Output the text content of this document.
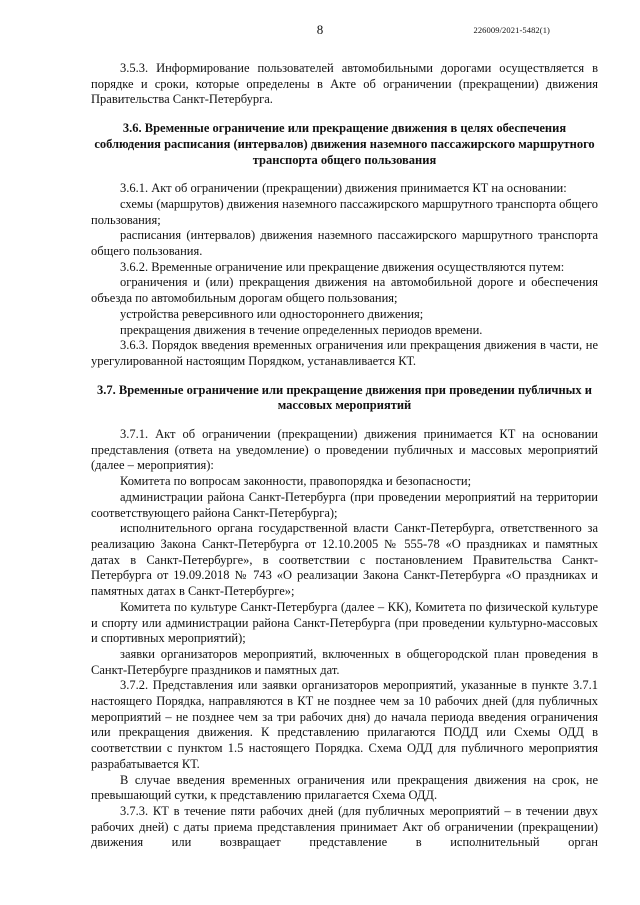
8	226009/2021-5482(1)

3.5.3. Информирование пользователей автомобильными дорогами осуществляется в порядке и сроки, которые определены в Акте об ограничении (прекращении) движения Правительства Санкт-Петербурга.

3.6. Временные ограничение или прекращение движения в целях обеспечения соблюдения расписания (интервалов) движения наземного пассажирского маршрутного транспорта общего пользования

3.6.1. Акт об ограничении (прекращении) движения принимается КТ на основании:

схемы (маршрутов) движения наземного пассажирского маршрутного транспорта общего пользования;

расписания (интервалов) движения наземного пассажирского маршрутного транспорта общего пользования.

3.6.2. Временные ограничение или прекращение движения осуществляются путем:

ограничения и (или) прекращения движения на автомобильной дороге и обеспечения объезда по автомобильным дорогам общего пользования;

устройства реверсивного или одностороннего движения;

прекращения движения в течение определенных периодов времени.

3.6.3. Порядок введения временных ограничения или прекращения движения в части, не урегулированной настоящим Порядком, устанавливается КТ.

3.7. Временные ограничение или прекращение движения при проведении публичных и массовых мероприятий

3.7.1. Акт об ограничении (прекращении) движения принимается КТ на основании представления (ответа на уведомление) о проведении публичных и массовых мероприятий (далее – мероприятия):

Комитета по вопросам законности, правопорядка и безопасности;

администрации района Санкт-Петербурга (при проведении мероприятий на территории соответствующего района Санкт-Петербурга);

исполнительного органа государственной власти Санкт-Петербурга, ответственного за реализацию Закона Санкт-Петербурга от 12.10.2005 № 555-78 «О праздниках и памятных датах в Санкт-Петербурге», в соответствии с постановлением Правительства Санкт-Петербурга от 19.09.2018 № 743 «О реализации Закона Санкт-Петербурга «О праздниках и памятных датах в Санкт-Петербурге»;

Комитета по культуре Санкт-Петербурга (далее – КК), Комитета по физической культуре и спорту или администрации района Санкт-Петербурга (при проведении культурно-массовых и спортивных мероприятий);

заявки организаторов мероприятий, включенных в общегородской план проведения в Санкт-Петербурге праздников и памятных дат.

3.7.2. Представления или заявки организаторов мероприятий, указанные в пункте 3.7.1 настоящего Порядка, направляются в КТ не позднее чем за 10 рабочих дней (для публичных мероприятий – не позднее чем за три рабочих дня) до начала периода введения ограничения или прекращения движения. К представлению прилагаются ПОДД или Схемы ОДД в соответствии с пунктом 1.5 настоящего Порядка. Схема ОДД для публичного мероприятия разрабатывается КТ.

В случае введения временных ограничения или прекращения движения на срок, не превышающий сутки, к представлению прилагается Схема ОДД.

3.7.3. КТ в течение пяти рабочих дней (для публичных мероприятий – в течении двух рабочих дней) с даты приема представления принимает Акт об ограничении (прекращении) движения или возвращает представление в исполнительный орган
